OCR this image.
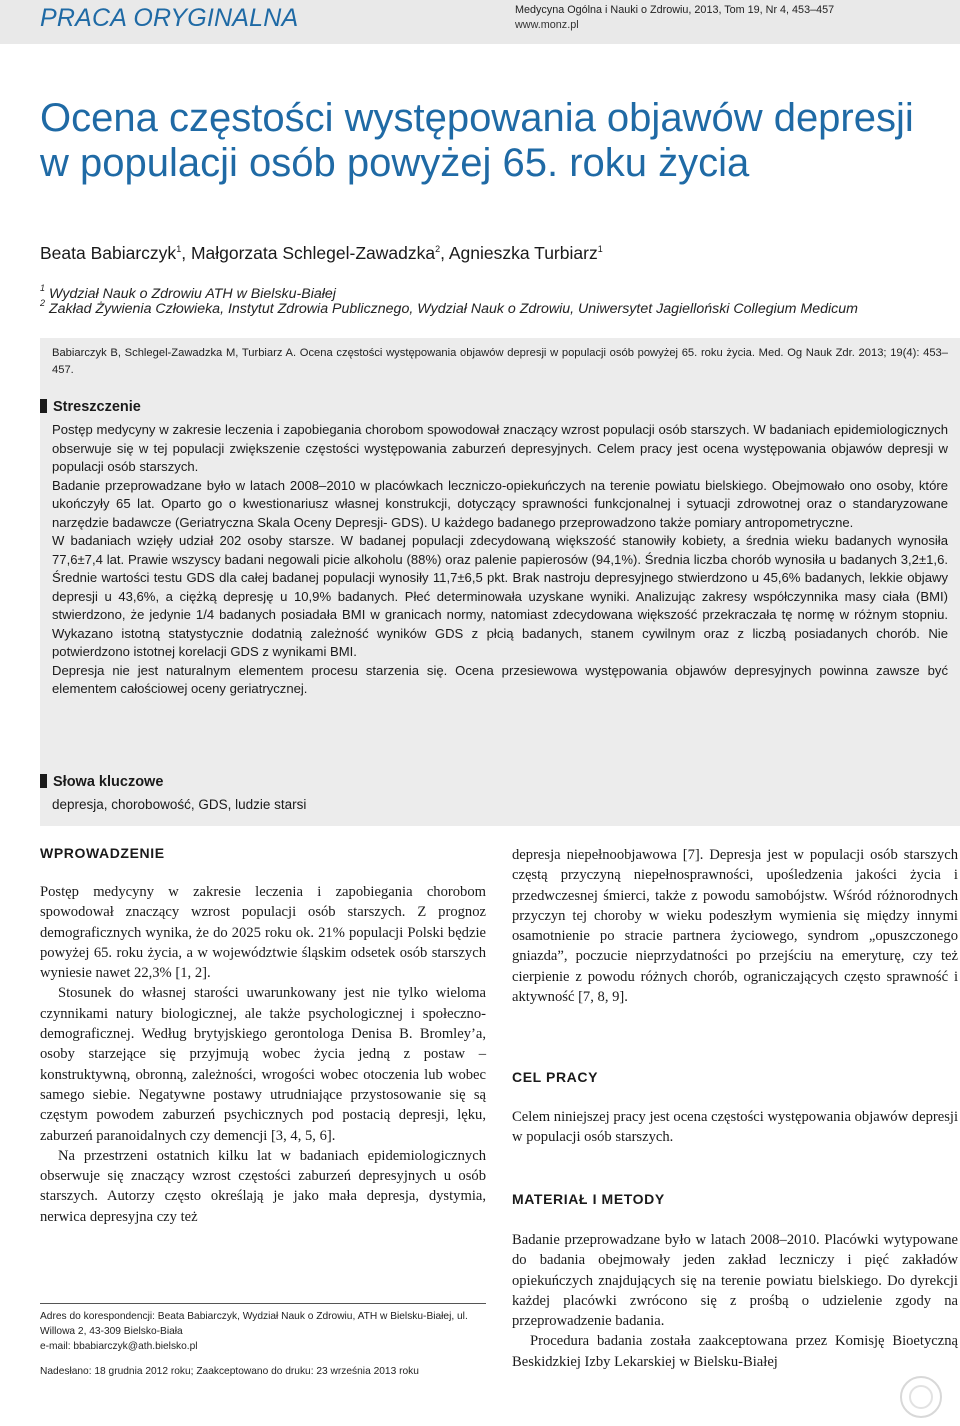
PRACA ORYGINALNA	Medycyna Ogólna i Nauki o Zdrowiu, 2013, Tom 19, Nr 4, 453–457
www.monz.pl
Ocena częstości występowania objawów depresji w populacji osób powyżej 65. roku życia
Beata Babiarczyk$^1$, Małgorzata Schlegel-Zawadzka$^2$, Agnieszka Turbiarz$^1$
$^1$ Wydział Nauk o Zdrowiu ATH w Bielsku-Białej
$^2$ Zakład Żywienia Człowieka, Instytut Zdrowia Publicznego, Wydział Nauk o Zdrowiu, Uniwersytet Jagielloński Collegium Medicum
Babiarczyk B, Schlegel-Zawadzka M, Turbiarz A. Ocena częstości występowania objawów depresji w populacji osób powyżej 65. roku życia. Med. Og Nauk Zdr. 2013; 19(4): 453–457.
Streszczenie

Postęp medycyny w zakresie leczenia i zapobiegania chorobom spowodował znaczący wzrost populacji osób starszych. W badaniach epidemiologicznych obserwuje się w tej populacji zwiększenie częstości występowania zaburzeń depresyjnych. Celem pracy jest ocena występowania objawów depresji w populacji osób starszych.

Badanie przeprowadzane było w latach 2008–2010 w placówkach leczniczo-opiekuńczych na terenie powiatu bielskiego. Obejmowało ono osoby, które ukończyły 65 lat. Oparto go o kwestionariusz własnej konstrukcji, dotyczący sprawności funkcjonalnej i sytuacji zdrowotnej oraz o standaryzowane narzędzie badawcze (Geriatryczna Skala Oceny Depresji- GDS). U każdego badanego przeprowadzono także pomiary antropometryczne.

W badaniach wzięły udział 202 osoby starsze. W badanej populacji zdecydowaną większość stanowiły kobiety, a średnia wieku badanych wynosiła 77,6±7,4 lat. Prawie wszyscy badani negowali picie alkoholu (88%) oraz palenie papierosów (94,1%). Średnia liczba chorób wynosiła u badanych 3,2±1,6. Średnie wartości testu GDS dla całej badanej populacji wynosiły 11,7±6,5 pkt. Brak nastroju depresyjnego stwierdzono u 45,6% badanych, lekkie objawy depresji u 43,6%, a ciężką depresję u 10,9% badanych. Płeć determinowała uzyskane wyniki. Analizując zakresy współczynnika masy ciała (BMI) stwierdzono, że jedynie 1/4 badanych posiadała BMI w granicach normy, natomiast zdecydowana większość przekraczała tę normę w różnym stopniu. Wykazano istotną statystycznie dodatnią zależność wyników GDS z płcią badanych, stanem cywilnym oraz z liczbą posiadanych chorób. Nie potwierdzono istotnej korelacji GDS z wynikami BMI.

Depresja nie jest naturalnym elementem procesu starzenia się. Ocena przesiewowa występowania objawów depresyjnych powinna zawsze być elementem całościowej oceny geriatrycznej.

Słowa kluczowe
depresja, chorobowość, GDS, ludzie starsi
WPROWADZENIE

Postęp medycyny w zakresie leczenia i zapobiegania chorobom spowodował znaczący wzrost populacji osób starszych. Z prognoz demograficznych wynika, że do 2025 roku ok. 21% populacji Polski będzie powyżej 65. roku życia, a w województwie śląskim odsetek osób starszych wyniesie nawet 22,3% [1, 2].

Stosunek do własnej starości uwarunkowany jest nie tylko wieloma czynnikami natury biologicznej, ale także psychologicznej i społeczno-demograficznej. Według brytyjskiego gerontologa Denisa B. Bromley’a, osoby starzejące się przyjmują wobec życia jedną z postaw – konstruktywną, obronną, zależności, wrogości wobec otoczenia lub wobec samego siebie. Negatywne postawy utrudniające przystosowanie się są częstym powodem zaburzeń psychicznych pod postacią depresji, lęku, zaburzeń paranoidalnych czy demencji [3, 4, 5, 6].

Na przestrzeni ostatnich kilku lat w badaniach epidemiologicznych obserwuje się znaczący wzrost częstości zaburzeń depresyjnych u osób starszych. Autorzy często określają je jako mała depresja, dystymia, nerwica depresyjna czy też

depresja niepełnoobjawowa [7]. Depresja jest w populacji osób starszych częstą przyczyną niepełnosprawności, upośledzenia jakości życia i przedwczesnej śmierci, także z powodu samobójstw. Wśród różnorodnych przyczyn tej choroby w wieku podeszłym wymienia się między innymi osamotnienie po stracie partnera życiowego, syndrom „opuszczonego gniazda”, poczucie nieprzydatności po przejściu na emeryturę, czy też cierpienie z powodu różnych chorób, ograniczających często sprawność i aktywność [7, 8, 9].

CEL PRACY

Celem niniejszej pracy jest ocena częstości występowania objawów depresji w populacji osób starszych.

MATERIAŁ I METODY

Badanie przeprowadzane było w latach 2008–2010. Placówki wytypowane do badania obejmowały jeden zakład leczniczy i pięć zakładów opiekuńczych znajdujących się na terenie powiatu bielskiego. Do dyrekcji każdej placówki zwrócono się z prośbą o udzielenie zgody na przeprowadzenie badania.

Procedura badania została zaakceptowana przez Komisję Bioetyczną Beskidzkiej Izby Lekarskiej w Bielsku-Białej

Adres do korespondencji: Beata Babiarczyk, Wydział Nauk o Zdrowiu, ATH w Bielsku-Białej, ul. Willowa 2, 43-309 Bielsko-Biała

e-mail: bbabiarczyk@ath.bielsko.pl

Nadesłano: 18 grudnia 2012 roku; Zaakceptowano do druku: 23 września 2013 roku
